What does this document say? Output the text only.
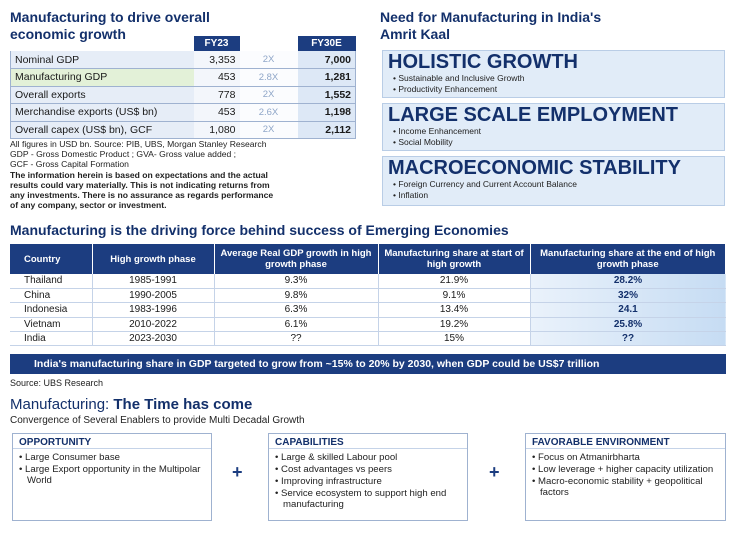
Manufacturing to drive overall
economic growth
	FY23		FY30E
Nominal GDP	3,353	2X	7,000
Manufacturing GDP	453	2.8X	1,281
Overall exports	778	2X	1,552
Merchandise exports (US$ bn)	453	2.6X	1,198
Overall capex (US$ bn), GCF	1,080	2X	2,112
All figures in USD bn. Source: PIB, UBS, Morgan Stanley Research
GDP - Gross Domestic Product ; GVA- Gross value added ;
GCF - Gross Capital Formation
The information herein is based on expectations and the actual
results could vary materially. This is not indicating returns from
any investments. There is no assurance as regards performance
of any company, sector or investment.
Need for Manufacturing in India's
Amrit Kaal
HOLISTIC GROWTH
• Sustainable and Inclusive Growth
• Productivity Enhancement
LARGE SCALE EMPLOYMENT
• Income Enhancement
• Social Mobility
MACROECONOMIC STABILITY
• Foreign Currency and Current Account Balance
• Inflation
Manufacturing is the driving force behind success of Emerging Economies
Country	High growth phase	Average Real GDP growth in high growth phase	Manufacturing share at start of high growth	Manufacturing share at the end of high growth phase
Thailand	1985-1991	9.3%	21.9%	28.2%
China	1990-2005	9.8%	9.1%	32%
Indonesia	1983-1996	6.3%	13.4%	24.1
Vietnam	2010-2022	6.1%	19.2%	25.8%
India	2023-2030	??	15%	??
India's manufacturing share in GDP targeted to grow from ~15% to 20% by 2030, when GDP could be US$7 trillion
Source: UBS Research
Manufacturing: The Time has come
Convergence of Several Enablers to provide Multi Decadal Growth
OPPORTUNITY
• Large Consumer base
• Large Export opportunity in the Multipolar World	+
CAPABILITIES
• Large & skilled Labour pool
• Cost advantages vs peers
• Improving infrastructure
• Service ecosystem to support high end manufacturing
+
FAVORABLE ENVIRONMENT
• Focus on Atmanirbharta
• Low leverage + higher capacity utilization
• Macro-economic stability + geopolitical factors
